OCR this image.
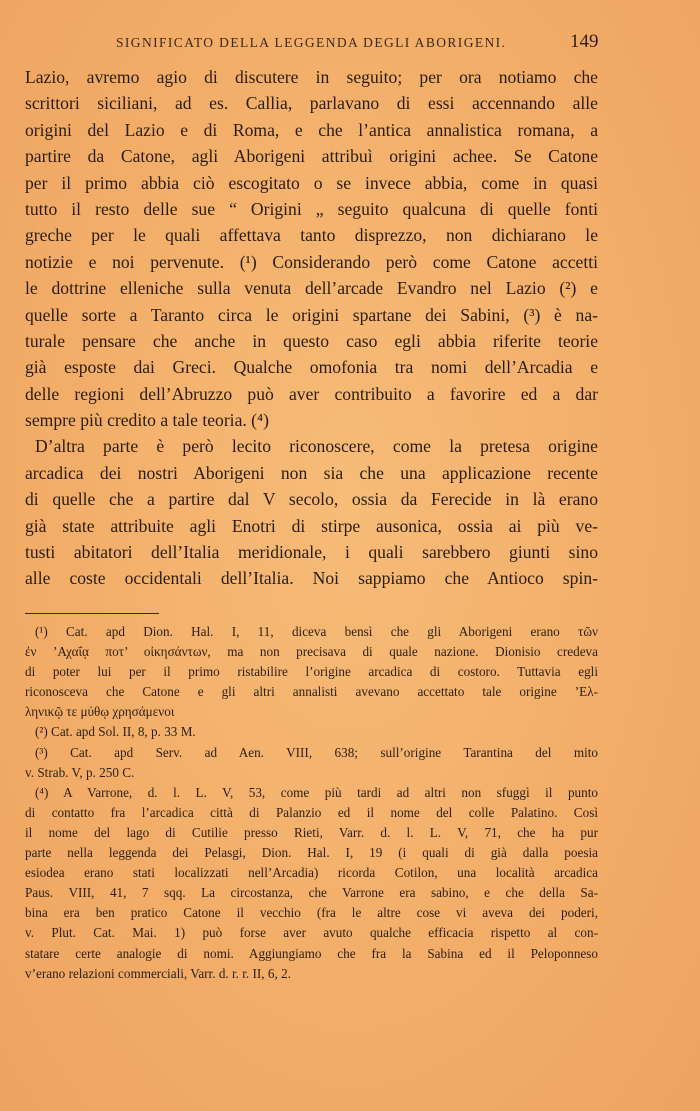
SIGNIFICATO DELLA LEGGENDA DEGLI ABORIGENI.	149
Lazio, avremo agio di discutere in seguito; per ora notiamo che
scrittori siciliani, ad es. Callia, parlavano di essi accennando alle
origini del Lazio e di Roma, e che l’antica annalistica romana, a
partire da Catone, agli Aborigeni attribuì origini achee. Se Catone
per il primo abbia ciò escogitato o se invece abbia, come in quasi
tutto il resto delle sue “ Origini „ seguito qualcuna di quelle fonti
greche per le quali affettava tanto disprezzo, non dichiarano le
notizie e noi pervenute. (¹) Considerando però come Catone accetti
le dottrine elleniche sulla venuta dell’arcade Evandro nel Lazio (²) e
quelle sorte a Taranto circa le origini spartane dei Sabini, (³) è na-
turale pensare che anche in questo caso egli abbia riferite teorie
già esposte dai Greci. Qualche omofonia tra nomi dell’Arcadia e
delle regioni dell’Abruzzo può aver contribuito a favorire ed a dar
sempre più credito a tale teoria. (⁴)
D’altra parte è però lecito riconoscere, come la pretesa origine
arcadica dei nostri Aborigeni non sia che una applicazione recente
di quelle che a partire dal V secolo, ossia da Ferecide in là erano
già state attribuite agli Enotri di stirpe ausonica, ossia ai più ve-
tusti abitatori dell’Italia meridionale, i quali sarebbero giunti sino
alle coste occidentali dell’Italia. Noi sappiamo che Antioco spin-
(¹) Cat. apd Dion. Hal. I, 11, diceva bensì che gli Aborigeni erano τῶν
ἐν ’Αχαΐᾳ ποτ’ οἰκησάντων, ma non precisava di quale nazione. Dionisio credeva
di poter lui per il primo ristabilire l’origine arcadica di costoro. Tuttavia egli
riconosceva che Catone e gli altri annalisti avevano accettato tale origine ’Ελ-
ληνικῷ τε μύθῳ χρησάμενοι
(²) Cat. apd Sol. II, 8, p. 33 M.
(³) Cat. apd Serv. ad Aen. VIII, 638; sull’origine Tarantina del mito
v. Strab. V, p. 250 C.
(⁴) A Varrone, d. l. L. V, 53, come più tardi ad altri non sfuggì il punto
di contatto fra l’arcadica città di Palanzio ed il nome del colle Palatino. Così
il nome del lago di Cutilie presso Rieti, Varr. d. l. L. V, 71, che ha pur
parte nella leggenda dei Pelasgi, Dion. Hal. I, 19 (i quali di già dalla poesia
esiodea erano stati localizzati nell’Arcadia) ricorda Cotilon, una località arcadica
Paus. VIII, 41, 7 sqq. La circostanza, che Varrone era sabino, e che della Sa-
bina era ben pratico Catone il vecchio (fra le altre cose vi aveva dei poderi,
v. Plut. Cat. Mai. 1) può forse aver avuto qualche efficacia rispetto al con-
statare certe analogie di nomi. Aggiungiamo che fra la Sabina ed il Peloponneso
v’erano relazioni commerciali, Varr. d. r. r. II, 6, 2.
